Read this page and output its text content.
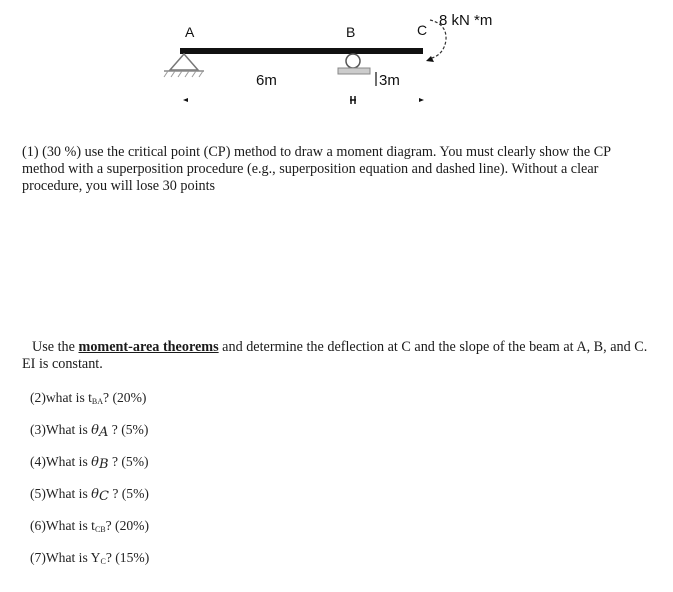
A	B	C
8 kN *m
6m	3m
(1) (30 %) use the critical point (CP) method to draw a moment diagram. You must clearly show the CP method with a superposition procedure (e.g., superposition equation and dashed line). Without a clear procedure, you will lose 30 points
Use the moment-area theorems and determine the deflection at C and the slope of the beam at A, B, and C. EI is constant.
(2)what is tBA? (20%)
(3)What is θA ? (5%)
(4)What is θB ? (5%)
(5)What is θC ? (5%)
(6)What is tCB? (20%)
(7)What is YC? (15%)
